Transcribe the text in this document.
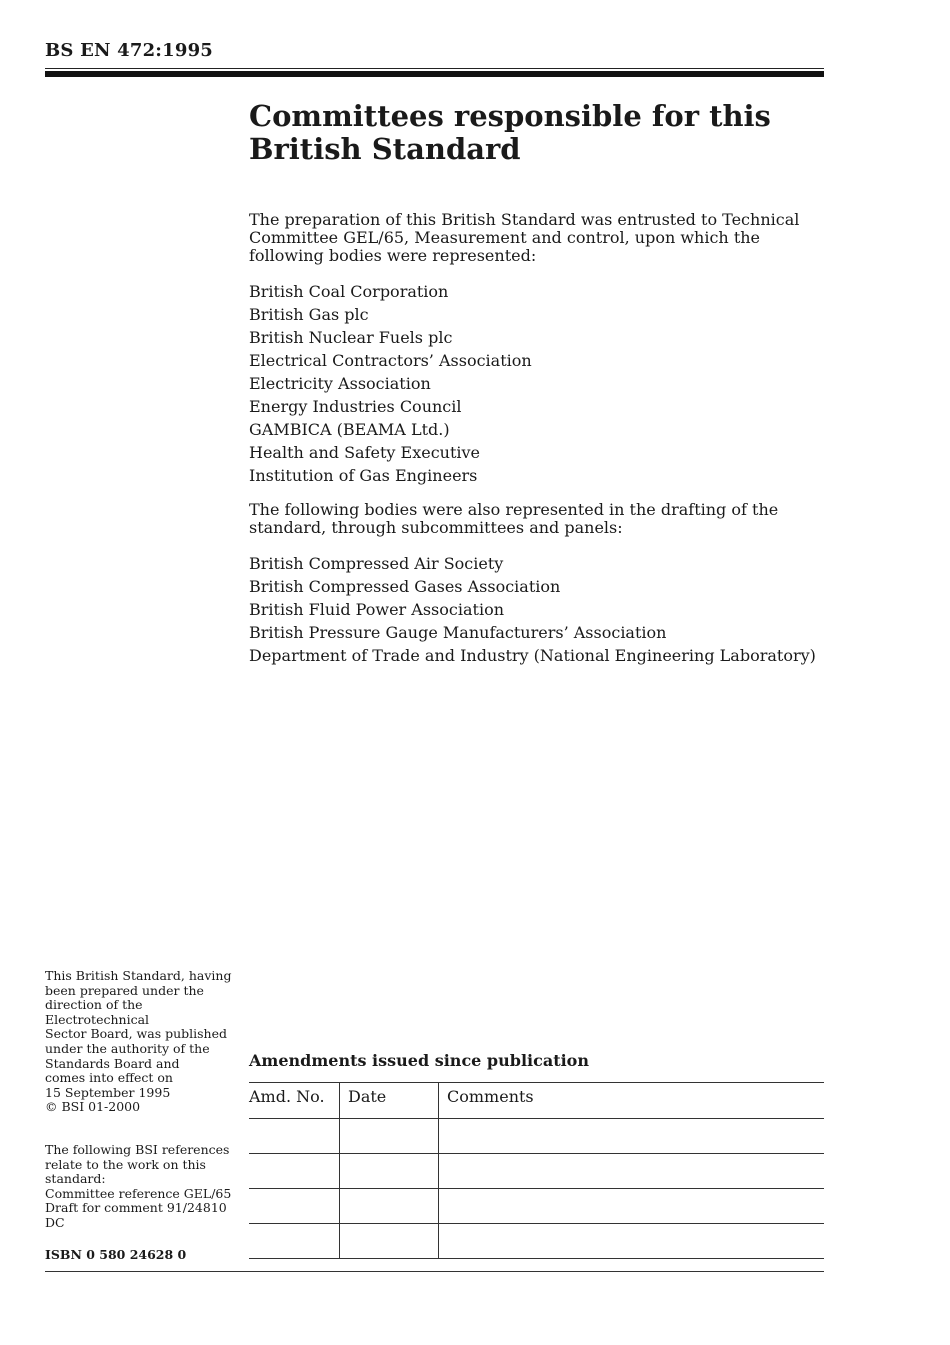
BS EN 472:1995
Committees responsible for this
British Standard

The preparation of this British Standard was entrusted to Technical Committee GEL/65, Measurement and control, upon which the following bodies were represented:

British Coal Corporation
British Gas plc
British Nuclear Fuels plc
Electrical Contractors’ Association
Electricity Association
Energy Industries Council
GAMBICA (BEAMA Ltd.)
Health and Safety Executive
Institution of Gas Engineers

The following bodies were also represented in the drafting of the standard, through subcommittees and panels:

British Compressed Air Society
British Compressed Gases Association
British Fluid Power Association
British Pressure Gauge Manufacturers’ Association
Department of Trade and Industry (National Engineering Laboratory)

This British Standard, having
been prepared under the
direction of the Electrotechnical
Sector Board, was published
under the authority of the
Standards Board and
comes into effect on
15 September 1995

© BSI 01-2000

The following BSI references
relate to the work on this
standard:
Committee reference GEL/65
Draft for comment 91/24810 DC

ISBN 0 580 24628 0

Amendments issued since publication

Amd. No.	Date	Comments
